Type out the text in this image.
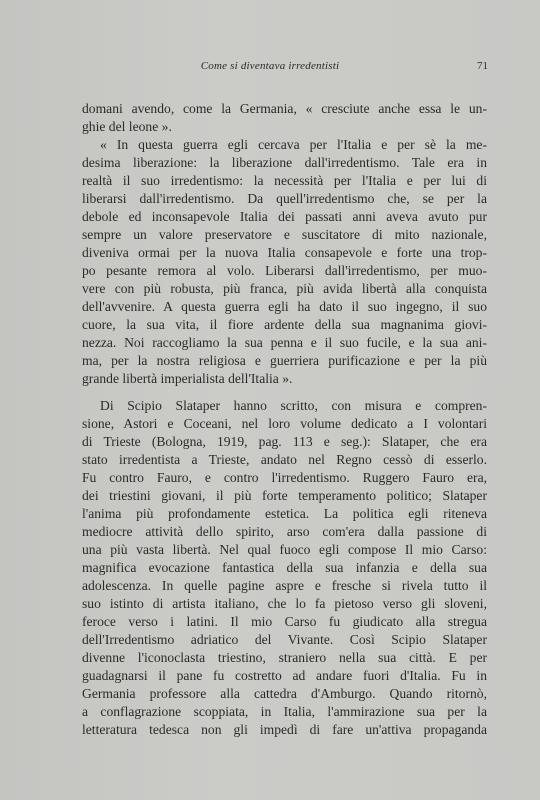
Come si diventava irredentisti	71
domani avendo, come la Germania, « cresciute anche essa le un-
ghie del leone ».
« In questa guerra egli cercava per l'Italia e per sè la me-
desima liberazione: la liberazione dall'irredentismo. Tale era in
realtà il suo irredentismo: la necessità per l'Italia e per lui di
liberarsi dall'irredentismo. Da quell'irredentismo che, se per la
debole ed inconsapevole Italia dei passati anni aveva avuto pur
sempre un valore preservatore e suscitatore di mito nazionale,
diveniva ormai per la nuova Italia consapevole e forte una trop-
po pesante remora al volo. Liberarsi dall'irredentismo, per muo-
vere con più robusta, più franca, più avida libertà alla conquista
dell'avvenire. A questa guerra egli ha dato il suo ingegno, il suo
cuore, la sua vita, il fiore ardente della sua magnanima giovi-
nezza. Noi raccogliamo la sua penna e il suo fucile, e la sua ani-
ma, per la nostra religiosa e guerriera purificazione e per la più
grande libertà imperialista dell'Italia ».
Di Scipio Slataper hanno scritto, con misura e compren-
sione, Astori e Coceani, nel loro volume dedicato a I volontari
di Trieste (Bologna, 1919, pag. 113 e seg.): Slataper, che era
stato irredentista a Trieste, andato nel Regno cessò di esserlo.
Fu contro Fauro, e contro l'irredentismo. Ruggero Fauro era,
dei triestini giovani, il più forte temperamento politico; Slataper
l'anima più profondamente estetica. La politica egli riteneva
mediocre attività dello spirito, arso com'era dalla passione di
una più vasta libertà. Nel qual fuoco egli compose Il mio Carso:
magnifica evocazione fantastica della sua infanzia e della sua
adolescenza. In quelle pagine aspre e fresche si rivela tutto il
suo istinto di artista italiano, che lo fa pietoso verso gli sloveni,
feroce verso i latini. Il mio Carso fu giudicato alla stregua
dell'Irredentismo adriatico del Vivante. Così Scipio Slataper
divenne l'iconoclasta triestino, straniero nella sua città. E per
guadagnarsi il pane fu costretto ad andare fuori d'Italia. Fu in
Germania professore alla cattedra d'Amburgo. Quando ritornò,
a conflagrazione scoppiata, in Italia, l'ammirazione sua per la
letteratura tedesca non gli impedì di fare un'attiva propaganda
